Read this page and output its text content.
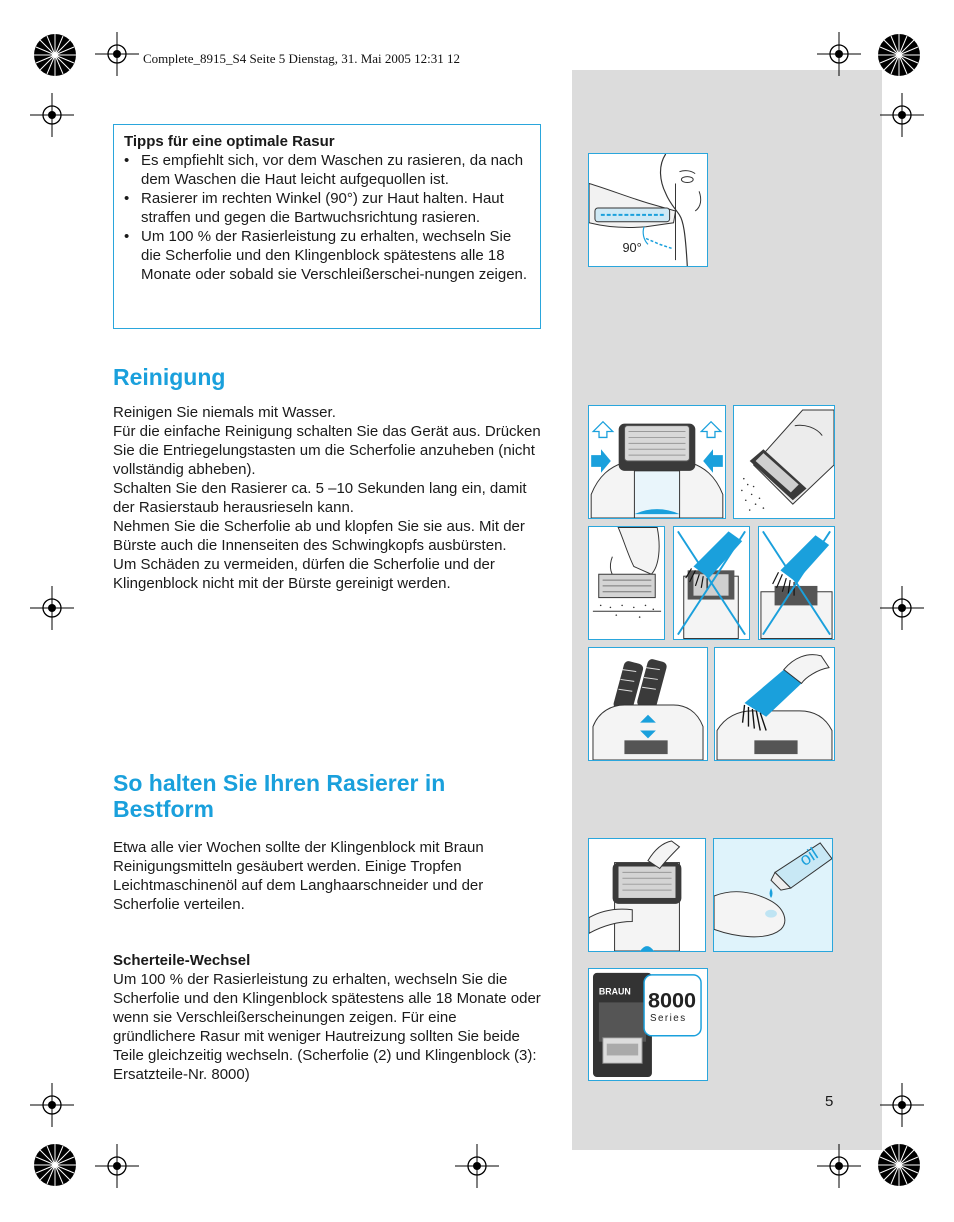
Complete_8915_S4 Seite 5 Dienstag, 31. Mai 2005 12:31 12
Tipps für eine optimale Rasur
• Es empfiehlt sich, vor dem Waschen zu rasieren, da nach dem Waschen die Haut leicht aufgequollen ist.
• Rasierer im rechten Winkel (90°) zur Haut halten. Haut straffen und gegen die Bartwuchsrichtung rasieren.
• Um 100 % der Rasierleistung zu erhalten, wechseln Sie die Scherfolie und den Klingenblock spätestens alle 18 Monate oder sobald sie Verschleißerschei-nungen zeigen.
Reinigung

Reinigen Sie niemals mit Wasser.

Für die einfache Reinigung schalten Sie das Gerät aus. Drücken Sie die Entriegelungstasten um die Scherfolie anzuheben (nicht vollständig abheben).

Schalten Sie den Rasierer ca. 5 –10 Sekunden lang ein, damit der Rasierstaub herausrieseln kann.

Nehmen Sie die Scherfolie ab und klopfen Sie sie aus. Mit der Bürste auch die Innenseiten des Schwingkopfs ausbürsten.

Um Schäden zu vermeiden, dürfen die Scherfolie und der Klingenblock nicht mit der Bürste gereinigt werden.

So halten Sie Ihren Rasierer in Bestform
Etwa alle vier Wochen sollte der Klingenblock mit Braun Reinigungsmitteln gesäubert werden. Einige Tropfen Leichtmaschinenöl auf dem Langhaarschneider und der Scherfolie verteilen.
Scherteile-Wechsel
Um 100 % der Rasierleistung zu erhalten, wechseln Sie die Scherfolie und den Klingenblock spätestens alle 18 Monate oder wenn sie Verschleißerscheinungen zeigen. Für eine gründlichere Rasur mit weniger Hautreizung sollten Sie beide Teile gleichzeitig wechseln. (Scherfolie (2) und Klingenblock (3): Ersatzteile-Nr. 8000)
5
90°
oil
BRAUN 8000
Series
